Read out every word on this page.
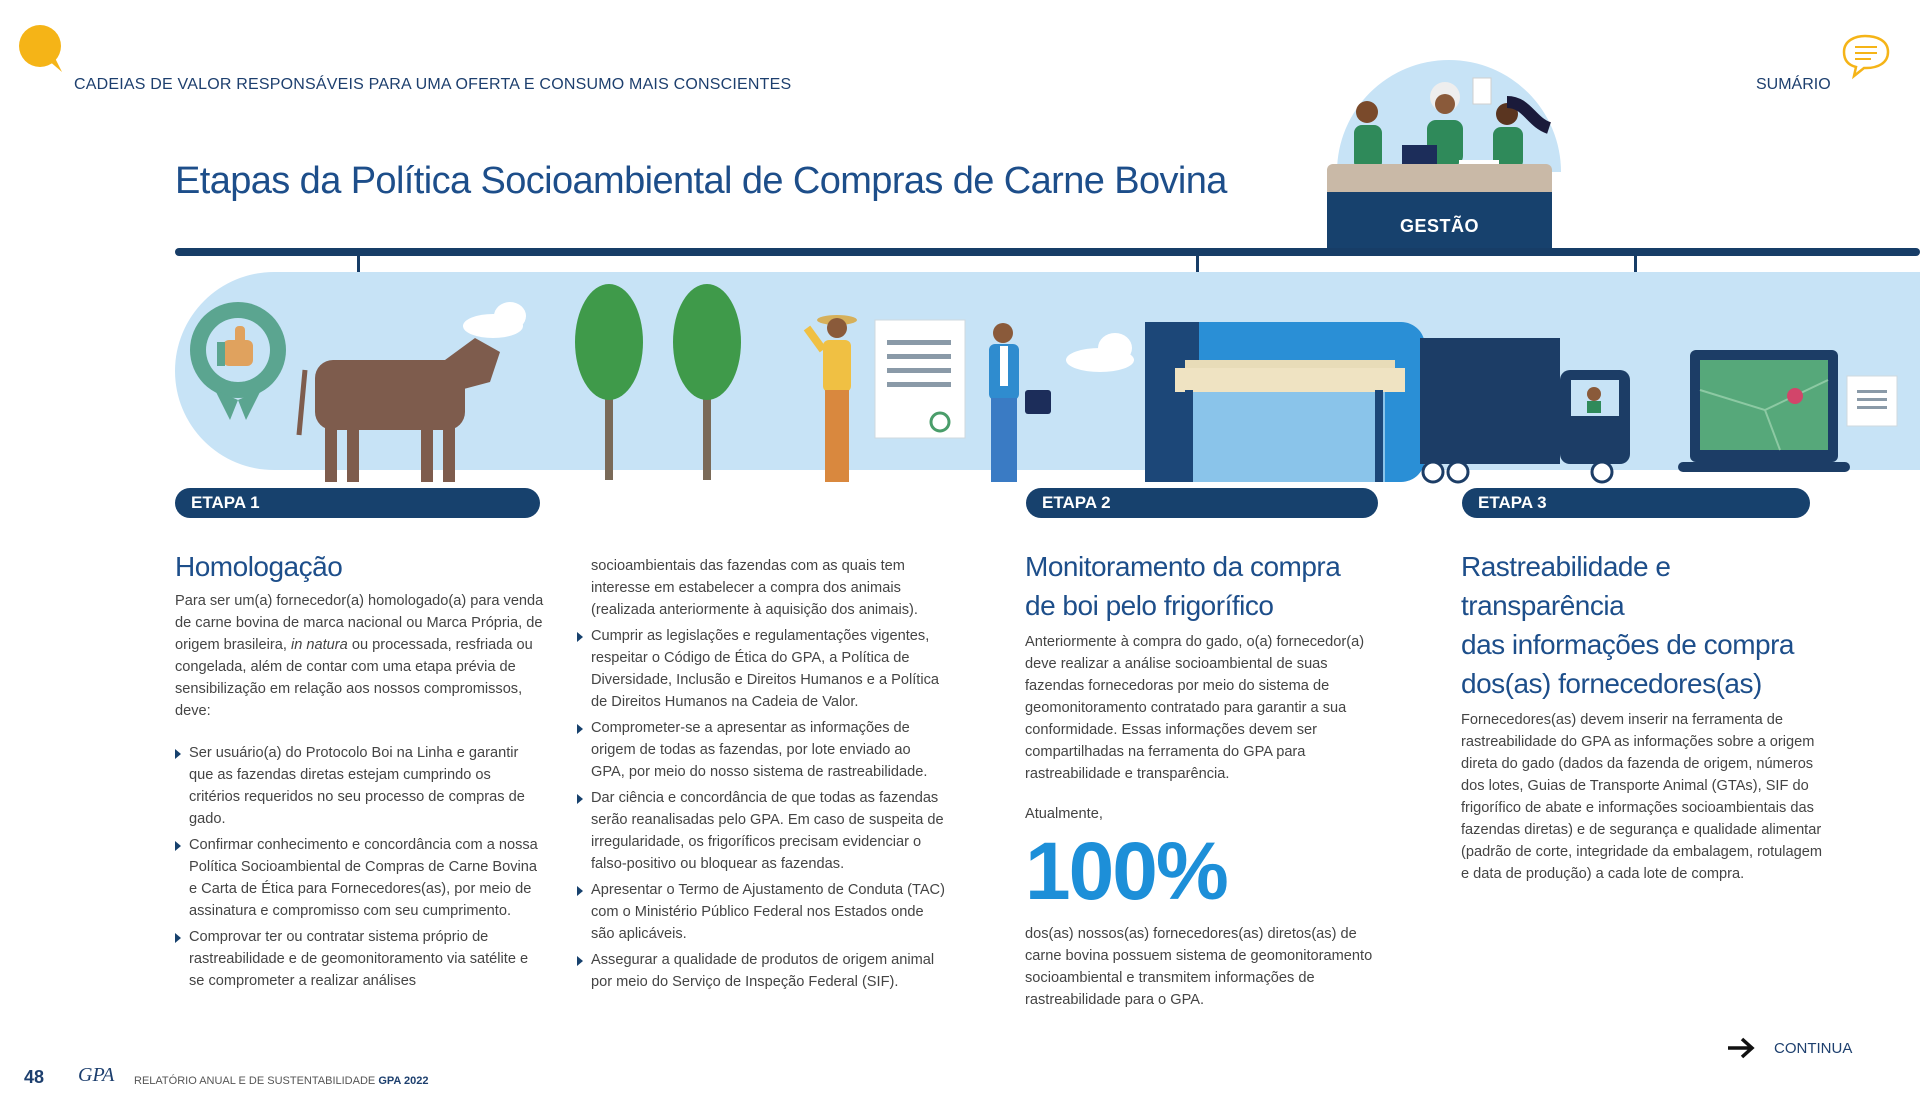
CADEIAS DE VALOR RESPONSÁVEIS PARA UMA OFERTA E CONSUMO MAIS CONSCIENTES	SUMÁRIO
Etapas da Política Socioambiental de Compras de Carne Bovina
GESTÃO
ETAPA 1	ETAPA 2	ETAPA 3
Homologação

Para ser um(a) fornecedor(a) homologado(a) para venda de carne bovina de marca nacional ou Marca Própria, de origem brasileira, in natura ou processada, resfriada ou congelada, além de contar com uma etapa prévia de sensibilização em relação aos nossos compromissos, deve:

Ser usuário(a) do Protocolo Boi na Linha e garantir que as fazendas diretas estejam cumprindo os critérios requeridos no seu processo de compras de gado.
Confirmar conhecimento e concordância com a nossa Política Socioambiental de Compras de Carne Bovina e Carta de Ética para Fornecedores(as), por meio de assinatura e compromisso com seu cumprimento.
Comprovar ter ou contratar sistema próprio de rastreabilidade e de geomonitoramento via satélite e se comprometer a realizar análises

socioambientais das fazendas com as quais tem interesse em estabelecer a compra dos animais (realizada anteriormente à aquisição dos animais).

Cumprir as legislações e regulamentações vigentes, respeitar o Código de Ética do GPA, a Política de Diversidade, Inclusão e Direitos Humanos e a Política de Direitos Humanos na Cadeia de Valor.
Comprometer-se a apresentar as informações de origem de todas as fazendas, por lote enviado ao GPA, por meio do nosso sistema de rastreabilidade.
Dar ciência e concordância de que todas as fazendas serão reanalisadas pelo GPA. Em caso de suspeita de irregularidade, os frigoríficos precisam evidenciar o falso-positivo ou bloquear as fazendas.
Apresentar o Termo de Ajustamento de Conduta (TAC) com o Ministério Público Federal nos Estados onde são aplicáveis.
Assegurar a qualidade de produtos de origem animal por meio do Serviço de Inspeção Federal (SIF).
Monitoramento da compra
de boi pelo frigorífico

Anteriormente à compra do gado, o(a) fornecedor(a) deve realizar a análise socioambiental de suas fazendas fornecedoras por meio do sistema de geomonitoramento contratado para garantir a sua conformidade. Essas informações devem ser compartilhadas na ferramenta do GPA para rastreabilidade e transparência.

Atualmente,
100%

dos(as) nossos(as) fornecedores(as) diretos(as) de carne bovina possuem sistema de geomonitoramento socioambiental e transmitem informações de rastreabilidade para o GPA.

Rastreabilidade e transparência
das informações de compra
dos(as) fornecedores(as)

Fornecedores(as) devem inserir na ferramenta de rastreabilidade do GPA as informações sobre a origem direta do gado (dados da fazenda de origem, números dos lotes, Guias de Transporte Animal (GTAs), SIF do frigorífico de abate e informações socioambientais das fazendas diretas) e de segurança e qualidade alimentar (padrão de corte, integridade da embalagem, rotulagem e data de produção) a cada lote de compra.

48 GPA RELATÓRIO ANUAL E DE SUSTENTABILIDADE GPA 2022
CONTINUA
